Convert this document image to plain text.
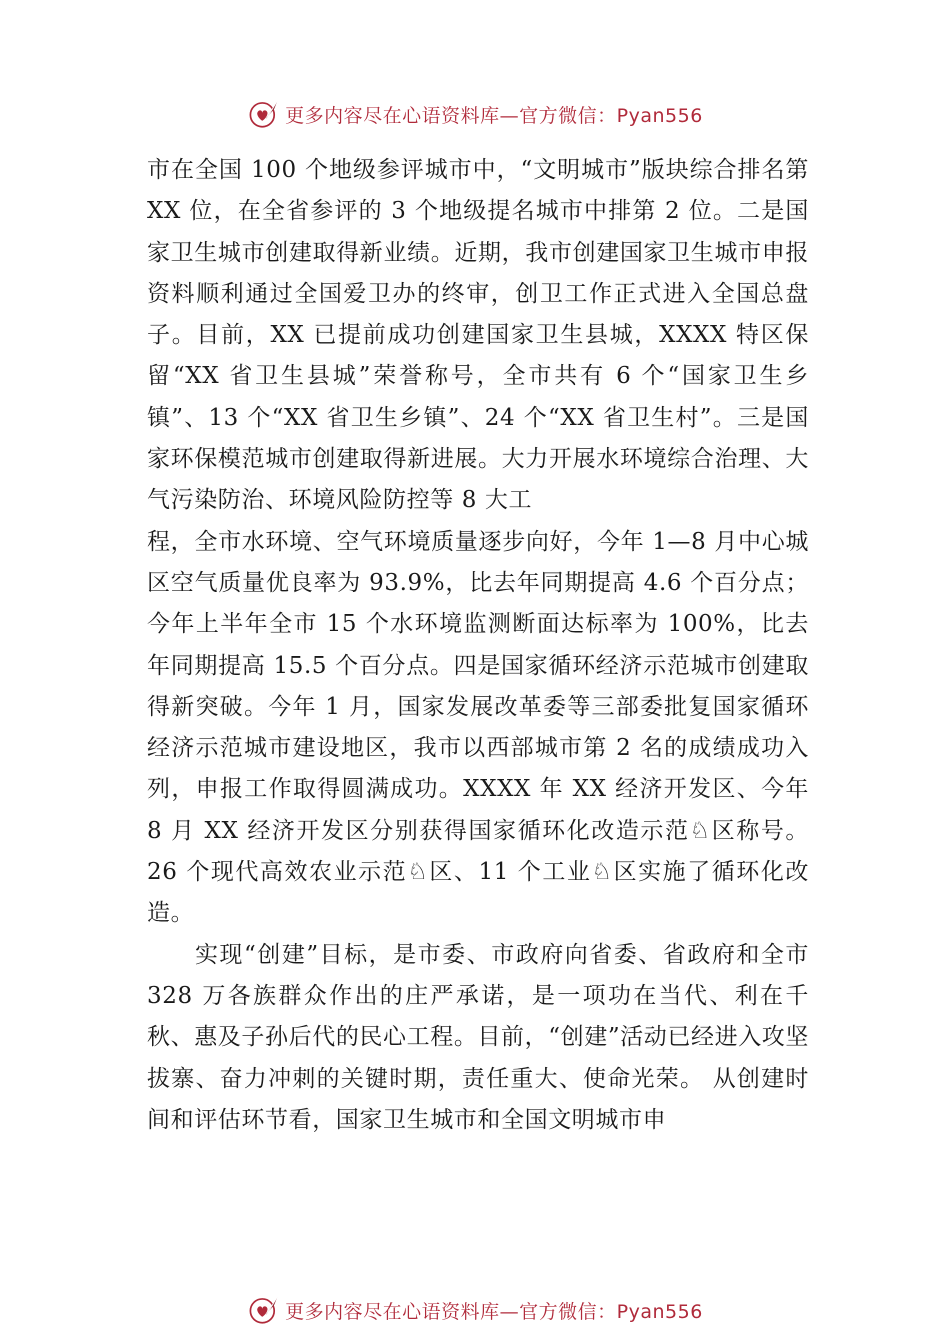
更多内容尽在心语资料库—官方微信：Pyan556

市在全国 100 个地级参评城市中，“文明城市”版块综合排名第 XX 位，在全省参评的 3 个地级提名城市中排第 2 位。二是国家卫生城市创建取得新业绩。近期，我市创建国家卫生城市申报资料顺利通过全国爱卫办的终审，创卫工作正式进入全国总盘子。目前，XX 已提前成功创建国家卫生县城，XXXX 特区保留“XX 省卫生县城”荣誉称号，全市共有 6 个“国家卫生乡镇”、13 个“XX 省卫生乡镇”、24 个“XX 省卫生村”。三是国家环保模范城市创建取得新进展。大力开展水环境综合治理、大气污染防治、环境风险防控等 8 大工

程，全市水环境、空气环境质量逐步向好，今年 1—8 月中心城区空气质量优良率为 93.9%，比去年同期提高 4.6 个百分点；今年上半年全市 15 个水环境监测断面达标率为 100%，比去年同期提高 15.5 个百分点。四是国家循环经济示范城市创建取得新突破。今年 1 月，国家发展改革委等三部委批复国家循环经济示范城市建设地区，我市以西部城市第 2 名的成绩成功入列，申报工作取得圆满成功。XXXX 年 XX 经济开发区、今年 8 月 XX 经济开发区分别获得国家循环化改造示范♘区称号。26 个现代高效农业示范♘区、11 个工业♘区实施了循环化改造。

实现“创建”目标，是市委、市政府向省委、省政府和全市 328 万各族群众作出的庄严承诺，是一项功在当代、利在千秋、惠及子孙后代的民心工程。目前，“创建”活动已经进入攻坚拔寨、奋力冲刺的关键时期，责任重大、使命光荣。 从创建时间和评估环节看，国家卫生城市和全国文明城市申

更多内容尽在心语资料库—官方微信：Pyan556
